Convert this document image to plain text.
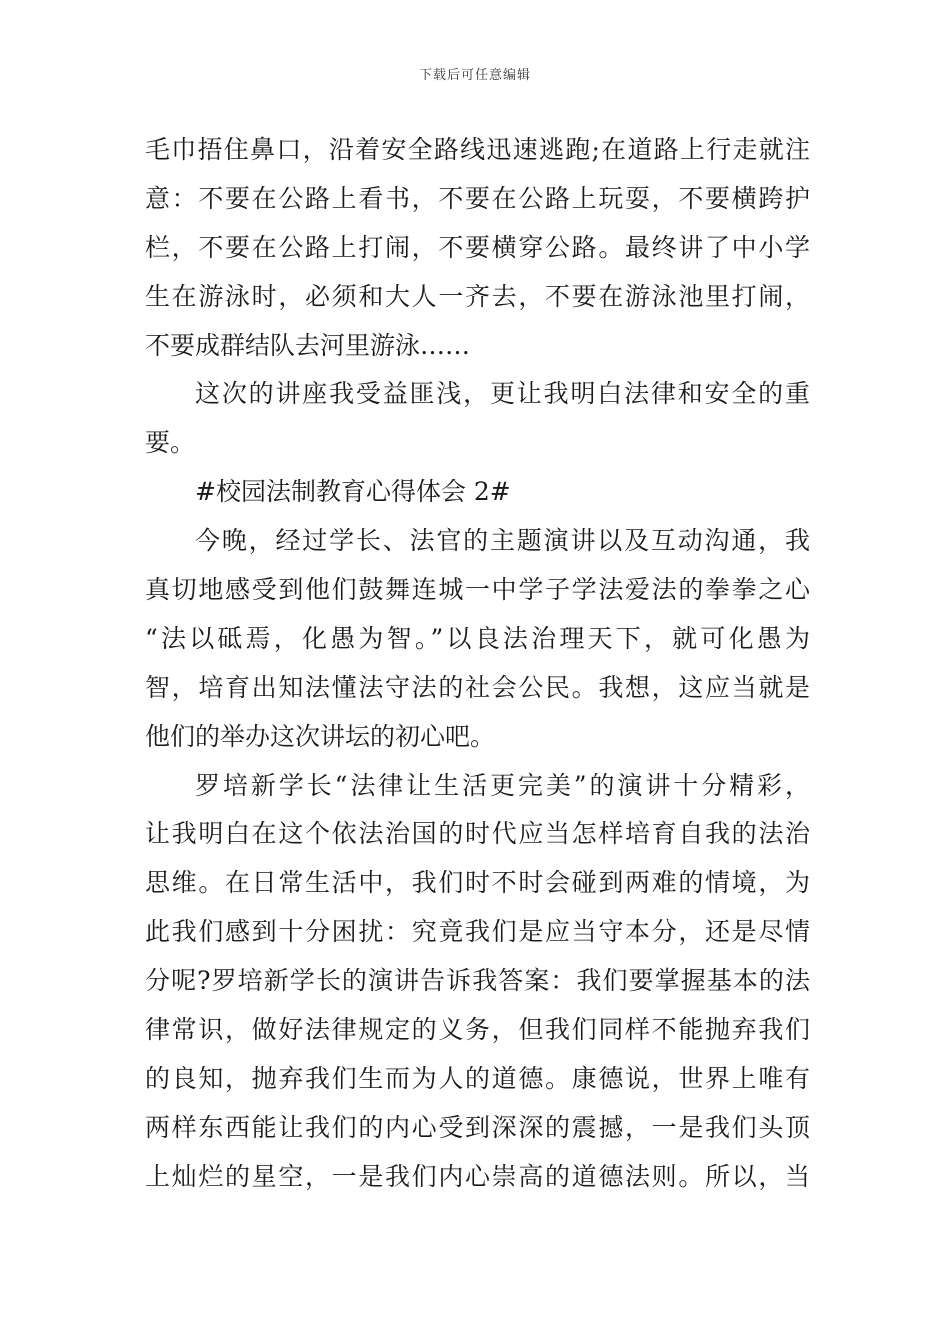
下载后可任意编辑
毛巾捂住鼻口，沿着安全路线迅速逃跑;在道路上行走就注
意：不要在公路上看书，不要在公路上玩耍，不要横跨护
栏，不要在公路上打闹，不要横穿公路。最终讲了中小学
生在游泳时，必须和大人一齐去，不要在游泳池里打闹，
不要成群结队去河里游泳……
这次的讲座我受益匪浅，更让我明白法律和安全的重
要。
#校园法制教育心得体会 2#
今晚，经过学长、法官的主题演讲以及互动沟通，我
真切地感受到他们鼓舞连城一中学子学法爱法的拳拳之心
“法以砥焉，化愚为智。”以良法治理天下，就可化愚为
智，培育出知法懂法守法的社会公民。我想，这应当就是
他们的举办这次讲坛的初心吧。
罗培新学长“法律让生活更完美”的演讲十分精彩，
让我明白在这个依法治国的时代应当怎样培育自我的法治
思维。在日常生活中，我们时不时会碰到两难的情境，为
此我们感到十分困扰：究竟我们是应当守本分，还是尽情
分呢?罗培新学长的演讲告诉我答案：我们要掌握基本的法
律常识，做好法律规定的义务，但我们同样不能抛弃我们
的良知，抛弃我们生而为人的道德。康德说，世界上唯有
两样东西能让我们的内心受到深深的震撼，一是我们头顶
上灿烂的星空，一是我们内心崇高的道德法则。所以，当
